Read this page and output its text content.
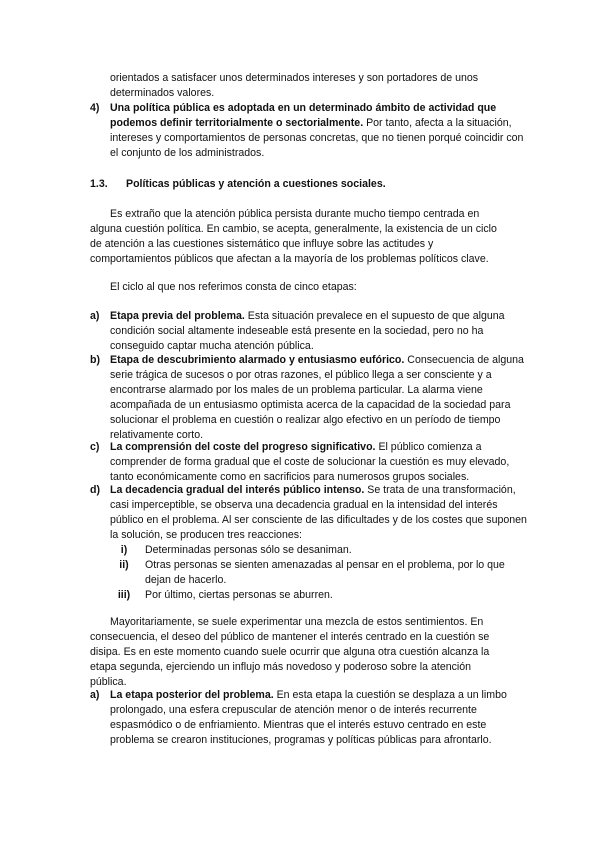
orientados a satisfacer unos determinados intereses y son portadores de unos determinados valores.

4) Una política pública es adoptada en un determinado ámbito de actividad que podemos definir territorialmente o sectorialmente. Por tanto, afecta a la situación, intereses y comportamientos de personas concretas, que no tienen porqué coincidir con el conjunto de los administrados.

1.3. Políticas públicas y atención a cuestiones sociales.

Es extraño que la atención pública persista durante mucho tiempo centrada en alguna cuestión política. En cambio, se acepta, generalmente, la existencia de un ciclo de atención a las cuestiones sistemático que influye sobre las actitudes y comportamientos públicos que afectan a la mayoría de los problemas políticos clave.

El ciclo al que nos referimos consta de cinco etapas:

a) Etapa previa del problema. Esta situación prevalece en el supuesto de que alguna condición social altamente indeseable está presente en la sociedad, pero no ha conseguido captar mucha atención pública.

b) Etapa de descubrimiento alarmado y entusiasmo eufórico. Consecuencia de alguna serie trágica de sucesos o por otras razones, el público llega a ser consciente y a encontrarse alarmado por los males de un problema particular. La alarma viene acompañada de un entusiasmo optimista acerca de la capacidad de la sociedad para solucionar el problema en cuestión o realizar algo efectivo en un período de tiempo relativamente corto.

c) La comprensión del coste del progreso significativo. El público comienza a comprender de forma gradual que el coste de solucionar la cuestión es muy elevado, tanto económicamente como en sacrificios para numerosos grupos sociales.

d) La decadencia gradual del interés público intenso. Se trata de una transformación, casi imperceptible, se observa una decadencia gradual en la intensidad del interés público en el problema. Al ser consciente de las dificultades y de los costes que suponen la solución, se producen tres reacciones:

i)	Determinadas personas sólo se desaniman.

ii)	Otras personas se sienten amenazadas al pensar en el problema, por lo que dejan de hacerlo.

iii)	Por último, ciertas personas se aburren.

Mayoritariamente, se suele experimentar una mezcla de estos sentimientos. En consecuencia, el deseo del público de mantener el interés centrado en la cuestión se disipa. Es en este momento cuando suele ocurrir que alguna otra cuestión alcanza la etapa segunda, ejerciendo un influjo más novedoso y poderoso sobre la atención pública.

a) La etapa posterior del problema. En esta etapa la cuestión se desplaza a un limbo prolongado, una esfera crepuscular de atención menor o de interés recurrente espasmódico o de enfriamiento. Mientras que el interés estuvo centrado en este problema se crearon instituciones, programas y políticas públicas para afrontarlo.
